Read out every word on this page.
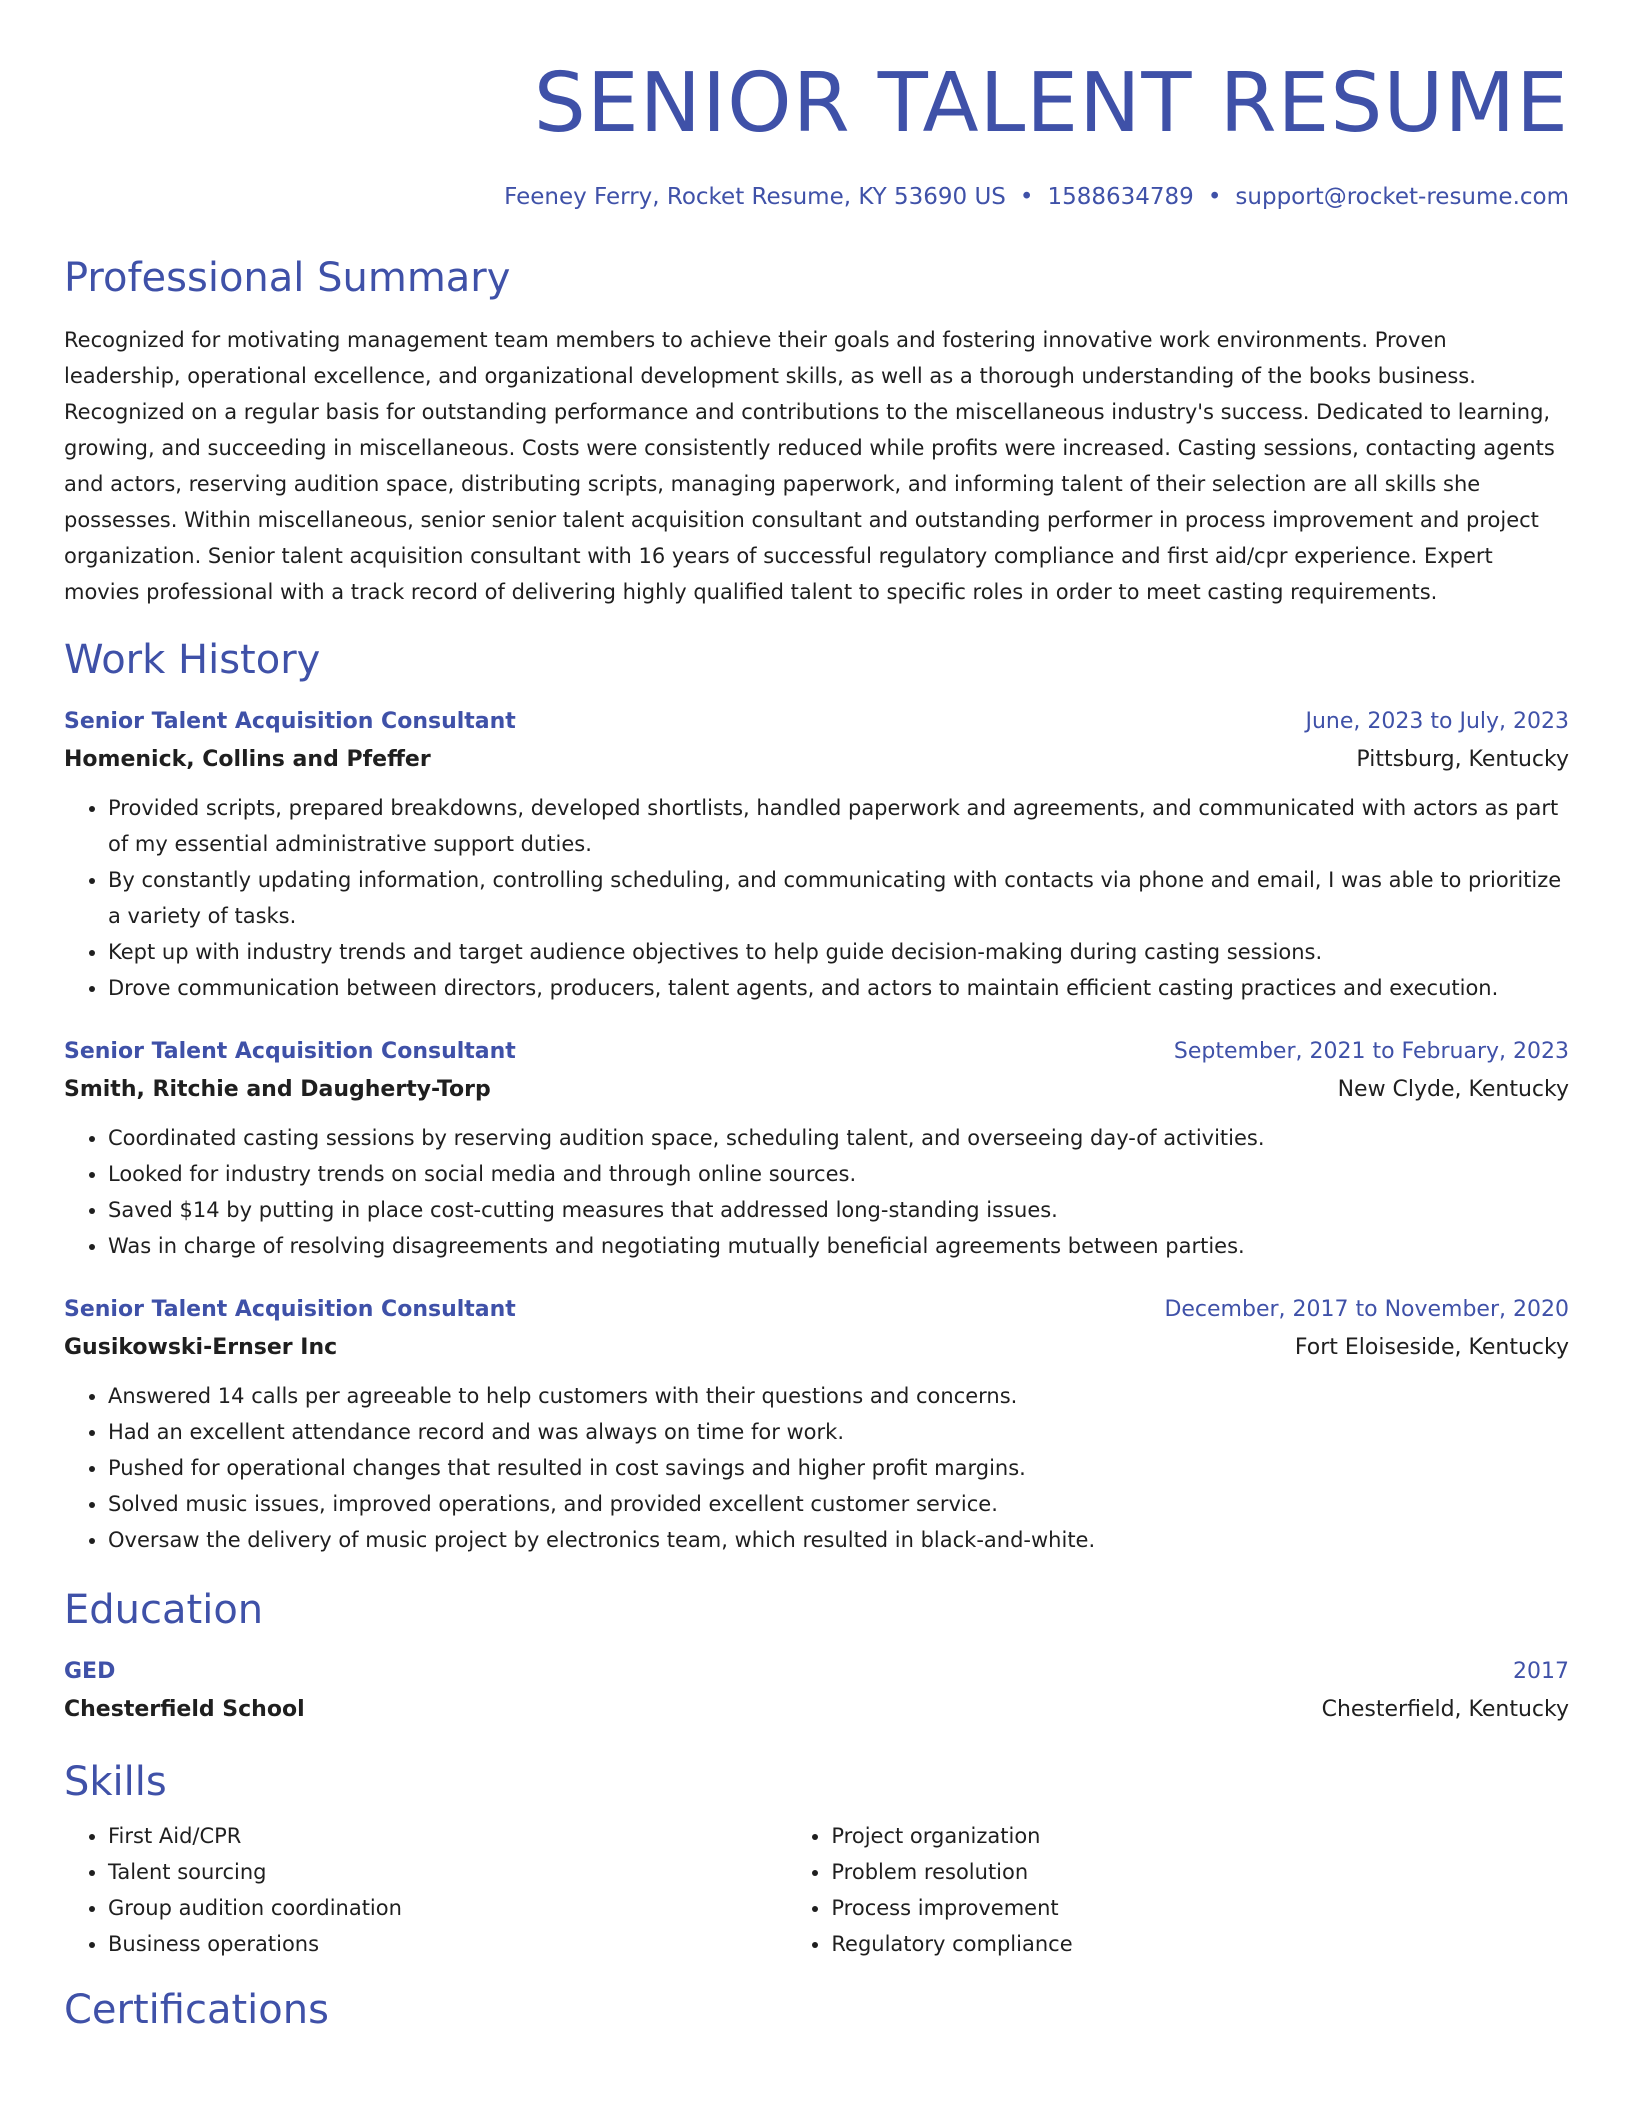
SENIOR TALENT RESUME
Feeney Ferry, Rocket Resume, KY 53690 US • 1588634789 • support@rocket-resume.com
Professional Summary
Recognized for motivating management team members to achieve their goals and fostering innovative work environments. Proven leadership, operational excellence, and organizational development skills, as well as a thorough understanding of the books business. Recognized on a regular basis for outstanding performance and contributions to the miscellaneous industry's success. Dedicated to learning, growing, and succeeding in miscellaneous. Costs were consistently reduced while profits were increased. Casting sessions, contacting agents and actors, reserving audition space, distributing scripts, managing paperwork, and informing talent of their selection are all skills she possesses. Within miscellaneous, senior senior talent acquisition consultant and outstanding performer in process improvement and project organization. Senior talent acquisition consultant with 16 years of successful regulatory compliance and first aid/cpr experience. Expert movies professional with a track record of delivering highly qualified talent to specific roles in order to meet casting requirements.
Work History
Senior Talent Acquisition Consultant	June, 2023 to July, 2023
Homenick, Collins and Pfeffer	Pittsburg, Kentucky
• Provided scripts, prepared breakdowns, developed shortlists, handled paperwork and agreements, and communicated with actors as part of my essential administrative support duties.
• By constantly updating information, controlling scheduling, and communicating with contacts via phone and email, I was able to prioritize a variety of tasks.
• Kept up with industry trends and target audience objectives to help guide decision-making during casting sessions.
• Drove communication between directors, producers, talent agents, and actors to maintain efficient casting practices and execution.
Senior Talent Acquisition Consultant	September, 2021 to February, 2023
Smith, Ritchie and Daugherty-Torp	New Clyde, Kentucky
• Coordinated casting sessions by reserving audition space, scheduling talent, and overseeing day-of activities.
• Looked for industry trends on social media and through online sources.
• Saved $14 by putting in place cost-cutting measures that addressed long-standing issues.
• Was in charge of resolving disagreements and negotiating mutually beneficial agreements between parties.
Senior Talent Acquisition Consultant	December, 2017 to November, 2020
Gusikowski-Ernser Inc	Fort Eloiseside, Kentucky
• Answered 14 calls per agreeable to help customers with their questions and concerns.
• Had an excellent attendance record and was always on time for work.
• Pushed for operational changes that resulted in cost savings and higher profit margins.
• Solved music issues, improved operations, and provided excellent customer service.
• Oversaw the delivery of music project by electronics team, which resulted in black-and-white.
Education
GED	2017
Chesterfield School	Chesterfield, Kentucky
Skills
• First Aid/CPR
• Talent sourcing
• Group audition coordination
• Business operations
• Project organization
• Problem resolution
• Process improvement
• Regulatory compliance
Certifications
